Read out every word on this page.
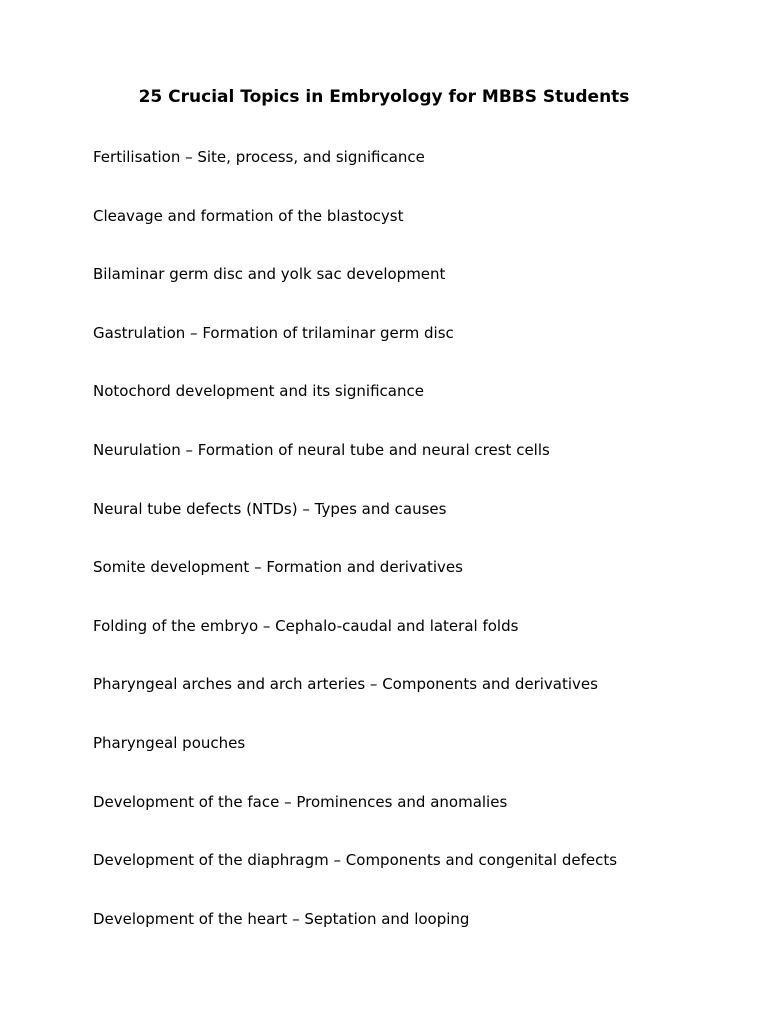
25 Crucial Topics in Embryology for MBBS Students
Fertilisation – Site, process, and significance
Cleavage and formation of the blastocyst
Bilaminar germ disc and yolk sac development
Gastrulation – Formation of trilaminar germ disc
Notochord development and its significance
Neurulation – Formation of neural tube and neural crest cells
Neural tube defects (NTDs) – Types and causes
Somite development – Formation and derivatives
Folding of the embryo – Cephalo-caudal and lateral folds
Pharyngeal arches and arch arteries – Components and derivatives
Pharyngeal pouches
Development of the face – Prominences and anomalies
Development of the diaphragm – Components and congenital defects
Development of the heart – Septation and looping
